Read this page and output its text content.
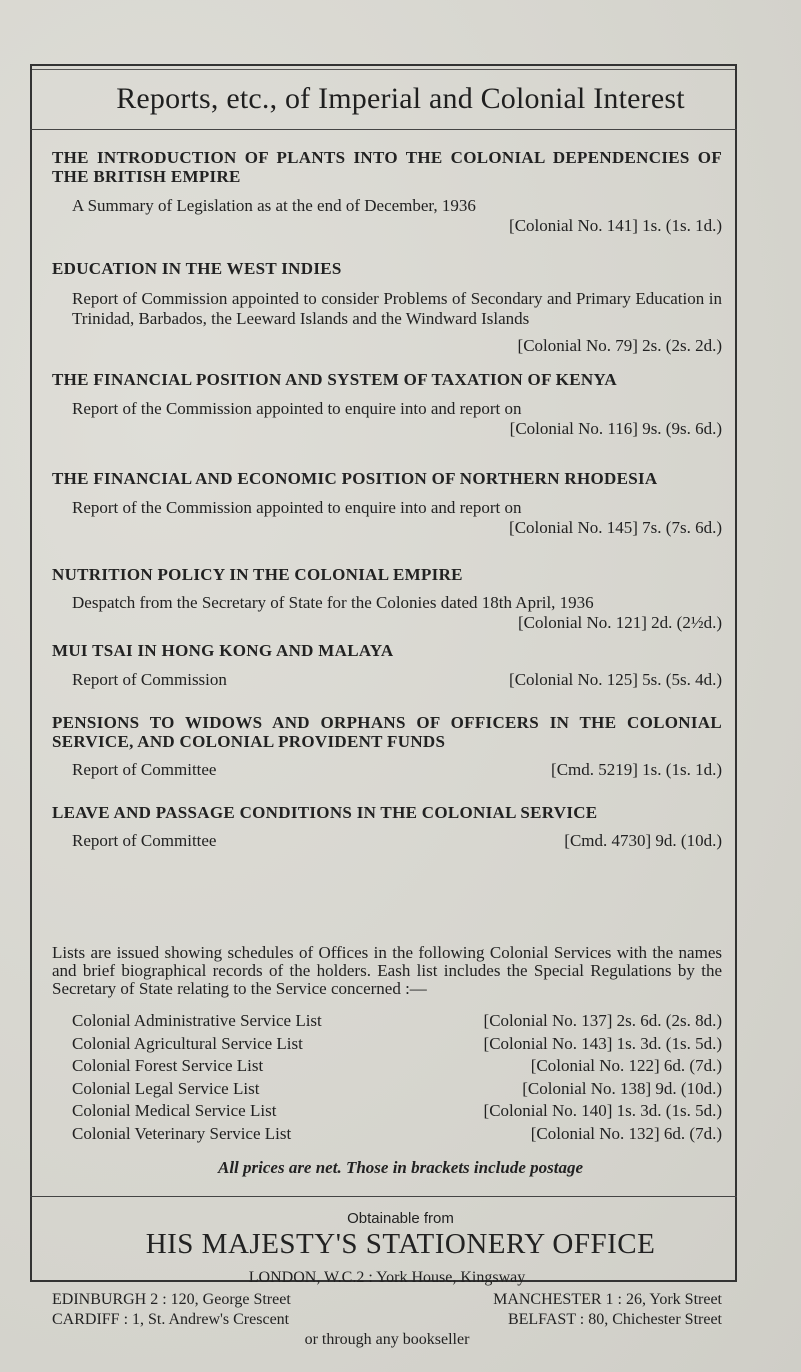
Reports, etc., of Imperial and Colonial Interest
THE INTRODUCTION OF PLANTS INTO THE COLONIAL DEPENDENCIES OF THE BRITISH EMPIRE
A Summary of Legislation as at the end of December, 1936
[Colonial No. 141] 1s. (1s. 1d.)
EDUCATION IN THE WEST INDIES
Report of Commission appointed to consider Problems of Secondary and Primary Education in Trinidad, Barbados, the Leeward Islands and the Windward Islands
[Colonial No. 79] 2s. (2s. 2d.)
THE FINANCIAL POSITION AND SYSTEM OF TAXATION OF KENYA
Report of the Commission appointed to enquire into and report on
[Colonial No. 116] 9s. (9s. 6d.)
THE FINANCIAL AND ECONOMIC POSITION OF NORTHERN RHODESIA
Report of the Commission appointed to enquire into and report on
[Colonial No. 145] 7s. (7s. 6d.)
NUTRITION POLICY IN THE COLONIAL EMPIRE
Despatch from the Secretary of State for the Colonies dated 18th April, 1936
[Colonial No. 121] 2d. (2½d.)
MUI TSAI IN HONG KONG AND MALAYA
Report of Commission	[Colonial No. 125] 5s. (5s. 4d.)
PENSIONS TO WIDOWS AND ORPHANS OF OFFICERS IN THE COLONIAL SERVICE, AND COLONIAL PROVIDENT FUNDS
Report of Committee	[Cmd. 5219] 1s. (1s. 1d.)
LEAVE AND PASSAGE CONDITIONS IN THE COLONIAL SERVICE
Report of Committee	[Cmd. 4730] 9d. (10d.)
Lists are issued showing schedules of Offices in the following Colonial Services with the names and brief biographical records of the holders. Eash list includes the Special Regulations by the Secretary of State relating to the Service concerned :—
Colonial Administrative Service List	[Colonial No. 137] 2s. 6d. (2s. 8d.)
Colonial Agricultural Service List	[Colonial No. 143] 1s. 3d. (1s. 5d.)
Colonial Forest Service List	[Colonial No. 122] 6d. (7d.)
Colonial Legal Service List	[Colonial No. 138] 9d. (10d.)
Colonial Medical Service List	[Colonial No. 140] 1s. 3d. (1s. 5d.)
Colonial Veterinary Service List	[Colonial No. 132] 6d. (7d.)
All prices are net. Those in brackets include postage
Obtainable from
HIS MAJESTY'S STATIONERY OFFICE
LONDON, W.C.2 : York House, Kingsway
EDINBURGH 2 : 120, George Street	MANCHESTER 1 : 26, York Street
CARDIFF : 1, St. Andrew's Crescent	BELFAST : 80, Chichester Street
or through any bookseller
